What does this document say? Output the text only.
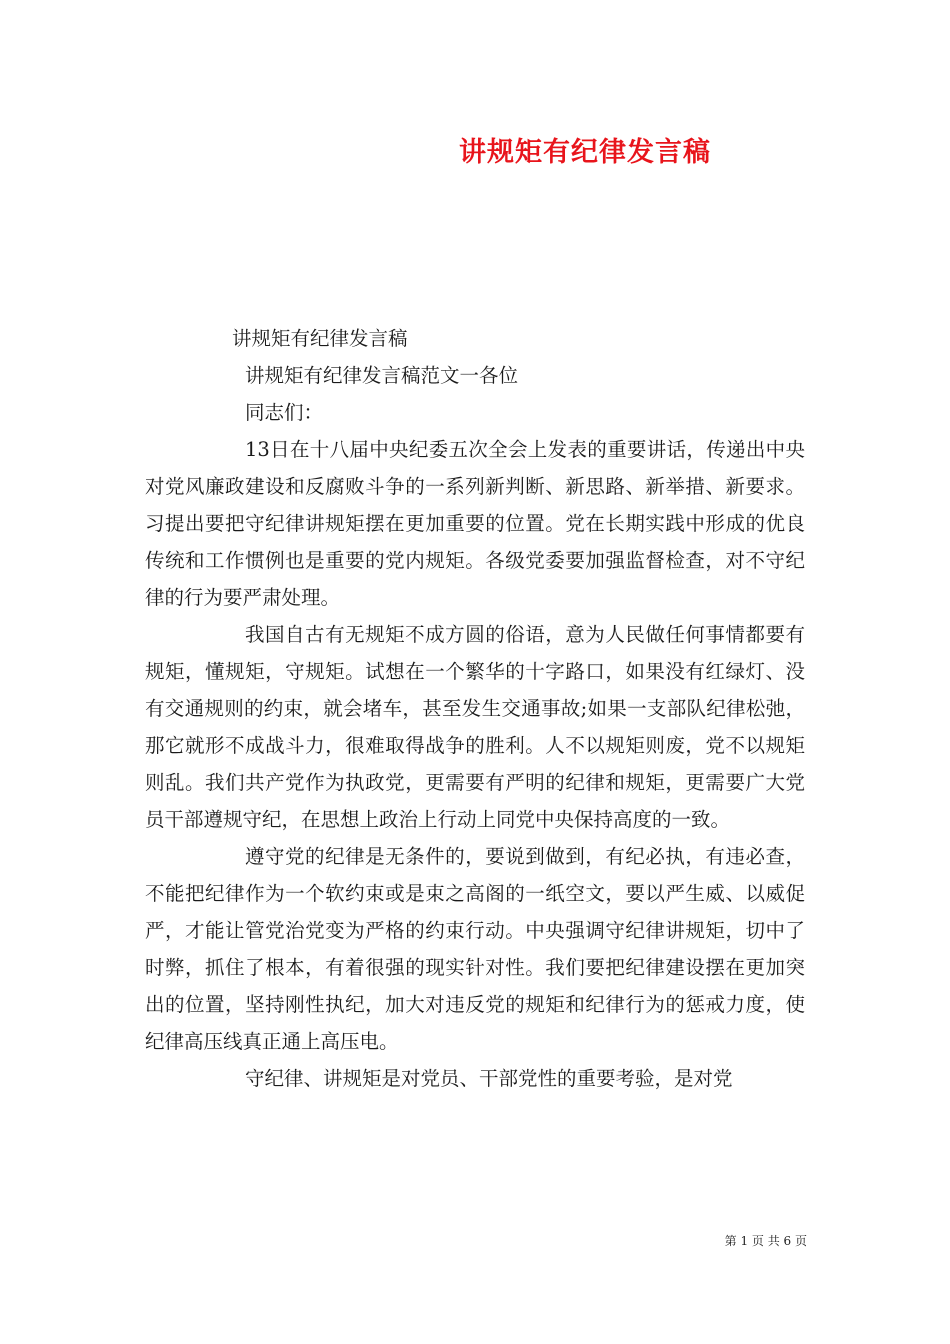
讲规矩有纪律发言稿

讲规矩有纪律发言稿

讲规矩有纪律发言稿范文一各位

同志们：

13日在十八届中央纪委五次全会上发表的重要讲话，传递出中央对党风廉政建设和反腐败斗争的一系列新判断、新思路、新举措、新要求。习提出要把守纪律讲规矩摆在更加重要的位置。党在长期实践中形成的优良传统和工作惯例也是重要的党内规矩。各级党委要加强监督检查，对不守纪律的行为要严肃处理。

我国自古有无规矩不成方圆的俗语，意为人民做任何事情都要有规矩，懂规矩，守规矩。试想在一个繁华的十字路口，如果没有红绿灯、没有交通规则的约束，就会堵车，甚至发生交通事故;如果一支部队纪律松弛，那它就形不成战斗力，很难取得战争的胜利。人不以规矩则废，党不以规矩则乱。我们共产党作为执政党，更需要有严明的纪律和规矩，更需要广大党员干部遵规守纪，在思想上政治上行动上同党中央保持高度的一致。

遵守党的纪律是无条件的，要说到做到，有纪必执，有违必查，不能把纪律作为一个软约束或是束之高阁的一纸空文，要以严生威、以威促严，才能让管党治党变为严格的约束行动。中央强调守纪律讲规矩，切中了时弊，抓住了根本，有着很强的现实针对性。我们要把纪律建设摆在更加突出的位置，坚持刚性执纪，加大对违反党的规矩和纪律行为的惩戒力度，使纪律高压线真正通上高压电。

守纪律、讲规矩是对党员、干部党性的重要考验，是对党

第 1 页 共 6 页
